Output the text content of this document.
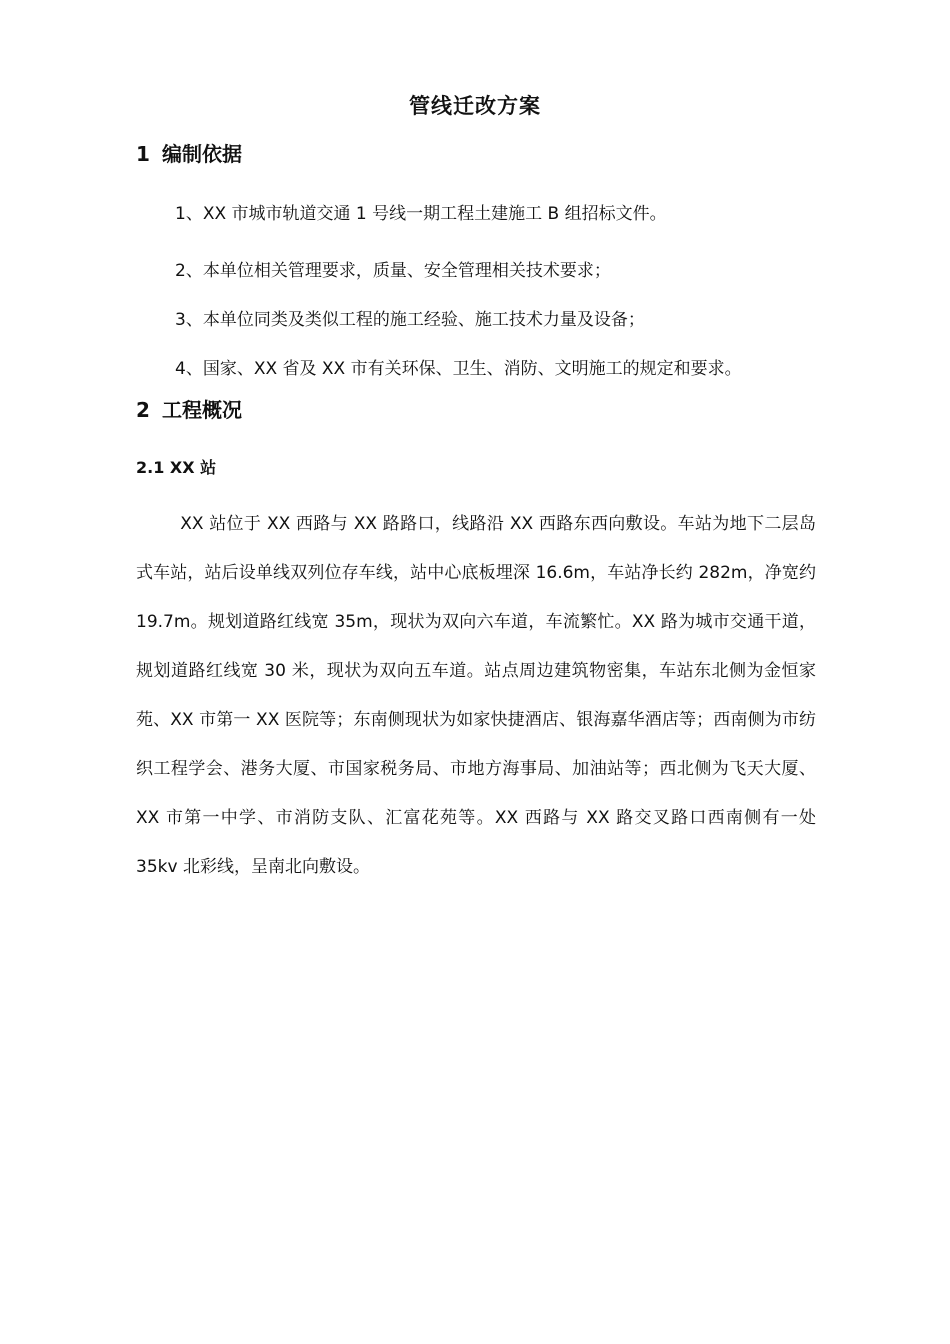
管线迁改方案
1 编制依据
1、XX 市城市轨道交通 1 号线一期工程土建施工 B 组招标文件。
2、本单位相关管理要求，质量、安全管理相关技术要求；
3、本单位同类及类似工程的施工经验、施工技术力量及设备；
4、国家、XX 省及 XX 市有关环保、卫生、消防、文明施工的规定和要求。
2 工程概况
2.1 XX 站
XX 站位于 XX 西路与 XX 路路口，线路沿 XX 西路东西向敷设。车站为地下二层岛式车站，站后设单线双列位存车线，站中心底板埋深 16.6m，车站净长约 282m，净宽约 19.7m。规划道路红线宽 35m，现状为双向六车道，车流繁忙。XX 路为城市交通干道，规划道路红线宽 30 米，现状为双向五车道。站点周边建筑物密集，车站东北侧为金恒家苑、XX 市第一 XX 医院等；东南侧现状为如家快捷酒店、银海嘉华酒店等；西南侧为市纺织工程学会、港务大厦、市国家税务局、市地方海事局、加油站等；西北侧为飞天大厦、XX 市第一中学、市消防支队、汇富花苑等。XX 西路与 XX 路交叉路口西南侧有一处 35kv 北彩线，呈南北向敷设。
